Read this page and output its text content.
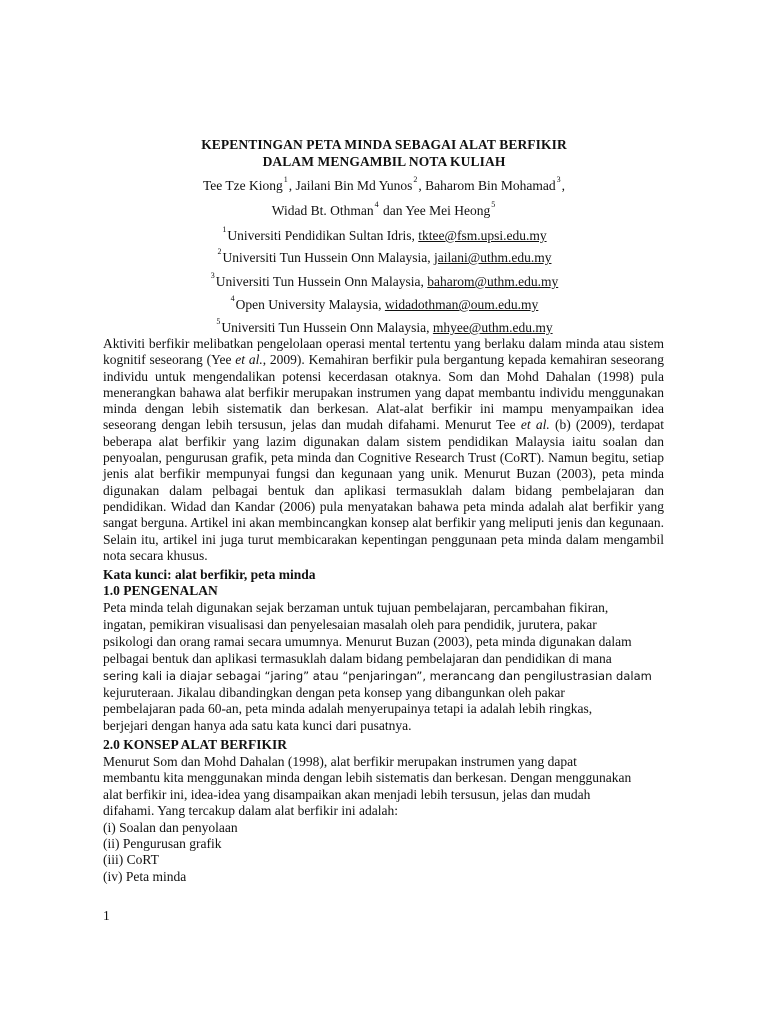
KEPENTINGAN PETA MINDA SEBAGAI ALAT BERFIKIR
DALAM MENGAMBIL NOTA KULIAH
Tee Tze Kiong$^1$, Jailani Bin Md Yunos$^2$, Baharom Bin Mohamad$^3$,
Widad Bt. Othman$^4$ dan Yee Mei Heong$^5$
$^1$Universiti Pendidikan Sultan Idris, tktee@fsm.upsi.edu.my
$^2$Universiti Tun Hussein Onn Malaysia, jailani@uthm.edu.my
$^3$Universiti Tun Hussein Onn Malaysia, baharom@uthm.edu.my
$^4$Open University Malaysia, widadothman@oum.edu.my
$^5$Universiti Tun Hussein Onn Malaysia, mhyee@uthm.edu.my

Aktiviti berfikir melibatkan pengelolaan operasi mental tertentu yang berlaku dalam minda atau sistem kognitif seseorang (Yee et al., 2009). Kemahiran berfikir pula bergantung kepada kemahiran seseorang individu untuk mengendalikan potensi kecerdasan otaknya. Som dan Mohd Dahalan (1998) pula menerangkan bahawa alat berfikir merupakan instrumen yang dapat membantu individu menggunakan minda dengan lebih sistematik dan berkesan. Alat-alat berfikir ini mampu menyampaikan idea seseorang dengan lebih tersusun, jelas dan mudah difahami. Menurut Tee et al. (b) (2009), terdapat beberapa alat berfikir yang lazim digunakan dalam sistem pendidikan Malaysia iaitu soalan dan penyoalan, pengurusan grafik, peta minda dan Cognitive Research Trust (CoRT). Namun begitu, setiap jenis alat berfikir mempunyai fungsi dan kegunaan yang unik. Menurut Buzan (2003), peta minda digunakan dalam pelbagai bentuk dan aplikasi termasuklah dalam bidang pembelajaran dan pendidikan. Widad dan Kandar (2006) pula menyatakan bahawa peta minda adalah alat berfikir yang sangat berguna. Artikel ini akan membincangkan konsep alat berfikir yang meliputi jenis dan kegunaan. Selain itu, artikel ini juga turut membicarakan kepentingan penggunaan peta minda dalam mengambil nota secara khusus.

Kata kunci: alat berfikir, peta minda
1.0 PENGENALAN
Peta minda telah digunakan sejak berzaman untuk tujuan pembelajaran, percambahan fikiran,
ingatan, pemikiran visualisasi dan penyelesaian masalah oleh para pendidik, jurutera, pakar
psikologi dan orang ramai secara umumnya. Menurut Buzan (2003), peta minda digunakan dalam
pelbagai bentuk dan aplikasi termasuklah dalam bidang pembelajaran dan pendidikan di mana
sering kali ia diajar sebagai “jaring” atau “penjaringan”, merancang dan pengilustrasian dalam
kejuruteraan. Jikalau dibandingkan dengan peta konsep yang dibangunkan oleh pakar
pembelajaran pada 60-an, peta minda adalah menyerupainya tetapi ia adalah lebih ringkas,
berjejari dengan hanya ada satu kata kunci dari pusatnya.
2.0 KONSEP ALAT BERFIKIR
Menurut Som dan Mohd Dahalan (1998), alat berfikir merupakan instrumen yang dapat
membantu kita menggunakan minda dengan lebih sistematis dan berkesan. Dengan menggunakan
alat berfikir ini, idea-idea yang disampaikan akan menjadi lebih tersusun, jelas dan mudah
difahami. Yang tercakup dalam alat berfikir ini adalah:
(i) Soalan dan penyolaan
(ii) Pengurusan grafik
(iii) CoRT
(iv) Peta minda
1
